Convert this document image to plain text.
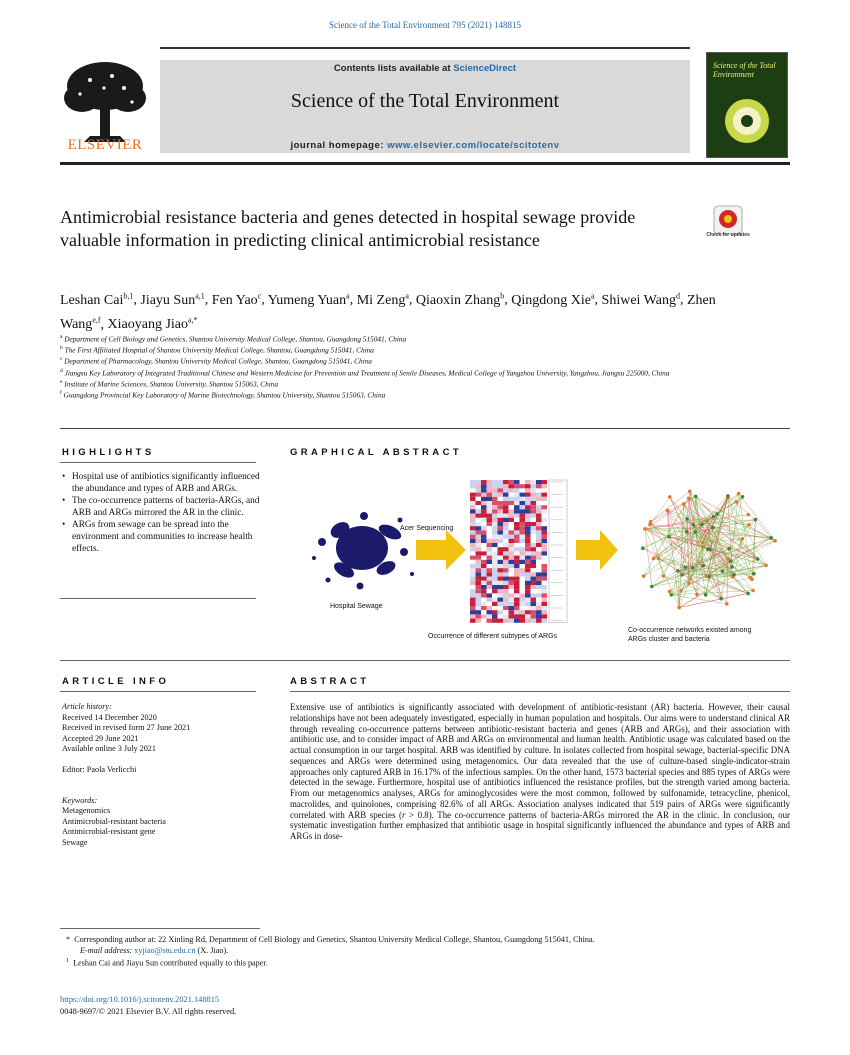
Science of the Total Environment 795 (2021) 148815
Contents lists available at ScienceDirect
Science of the Total Environment
journal homepage: www.elsevier.com/locate/scitotenv
ELSEVIER
Science of the Total Environment
Antimicrobial resistance bacteria and genes detected in hospital sewage provide valuable information in predicting clinical antimicrobial resistance	Check for updates
Leshan Cai$^{b,1}$, Jiayu Sun$^{a,1}$, Fen Yao$^c$, Yumeng Yuan$^a$, Mi Zeng$^a$, Qiaoxin Zhang$^b$, Qingdong Xie$^a$, Shiwei Wang$^d$, Zhen Wang$^{e,f}$, Xiaoyang Jiao$^{a,*}$
$^a$ Department of Cell Biology and Genetics, Shantou University Medical College, Shantou, Guangdong 515041, China
$^b$ The First Affiliated Hospital of Shantou University Medical College, Shantou, Guangdong 515041, China
$^c$ Department of Pharmacology, Shantou University Medical College, Shantou, Guangdong 515041, China
$^d$ Jiangsu Key Laboratory of Integrated Traditional Chinese and Western Medicine for Prevention and Treatment of Senile Diseases, Medical College of Yangzhou University, Yangzhou, Jiangsu 225000, China
$^e$ Institute of Marine Sciences, Shantou University, Shantou 515063, China
$^f$ Guangdong Provincial Key Laboratory of Marine Biotechnology, Shantou University, Shantou 515063, China
HIGHLIGHTS	GRAPHICAL ABSTRACT
• Hospital use of antibiotics significantly influenced the abundance and types of ARB and ARGs.
• The co-occurrence patterns of bacteria-ARGs, and ARB and ARGs mirrored the AR in the clinic.
• ARGs from sewage can be spread into the environment and communities to increase health effects.
Hospital Sewage
Acer Sequencing
Occurrence of different subtypes of ARGs
Co-occurrence networks existed among
ARGs cluster and bacteria
ARTICLE INFO	ABSTRACT
Article history:
Received 14 December 2020
Received in revised form 27 June 2021
Accepted 29 June 2021
Available online 3 July 2021
Editor: Paola Verlicchi
Keywords:
Metagenomics
Antimicrobial-resistant bacteria
Antimicrobial-resistant gene
Sewage
Extensive use of antibiotics is significantly associated with development of antibiotic-resistant (AR) bacteria. However, their causal relationships have not been adequately investigated, especially in human population and hospitals. Our aims were to understand clinical AR through revealing co-occurrence patterns between antibiotic-resistant bacteria and genes (ARB and ARGs), and their association with antibiotic use, and to consider impact of ARB and ARGs on environmental and human health. Antibiotic usage was calculated based on the actual consumption in our target hospital. ARB was identified by culture. In isolates collected from hospital sewage, bacterial-specific DNA sequences and ARGs were determined using metagenomics. Our data revealed that the use of culture-based single-indicator-strain approaches only captured ARB in 16.17% of the infectious samples. On the other hand, 1573 bacterial species and 885 types of ARGs were detected in the sewage. Furthermore, hospital use of antibiotics influenced the resistance profiles, but the strength varied among bacteria. From our metagenomics analyses, ARGs for aminoglycosides were the most common, followed by sulfonamide, tetracycline, phenicol, macrolides, and quinolones, comprising 82.6% of all ARGs. Association analyses indicated that 519 pairs of ARGs were significantly correlated with ARB species (r > 0.8). The co-occurrence patterns of bacteria-ARGs mirrored the AR in the clinic. In conclusion, our systematic investigation further emphasized that antibiotic usage in hospital significantly influenced the abundance and types of ARB and ARGs in dose-
* Corresponding author at: 22 Xinling Rd, Department of Cell Biology and Genetics, Shantou University Medical College, Shantou, Guangdong 515041, China.
E-mail address: xyjiao@stu.edu.cn (X. Jiao).
$^1$ Leshan Cai and Jiayu Sun contributed equally to this paper.
https://doi.org/10.1016/j.scitotenv.2021.148815
0048-9697/© 2021 Elsevier B.V. All rights reserved.
